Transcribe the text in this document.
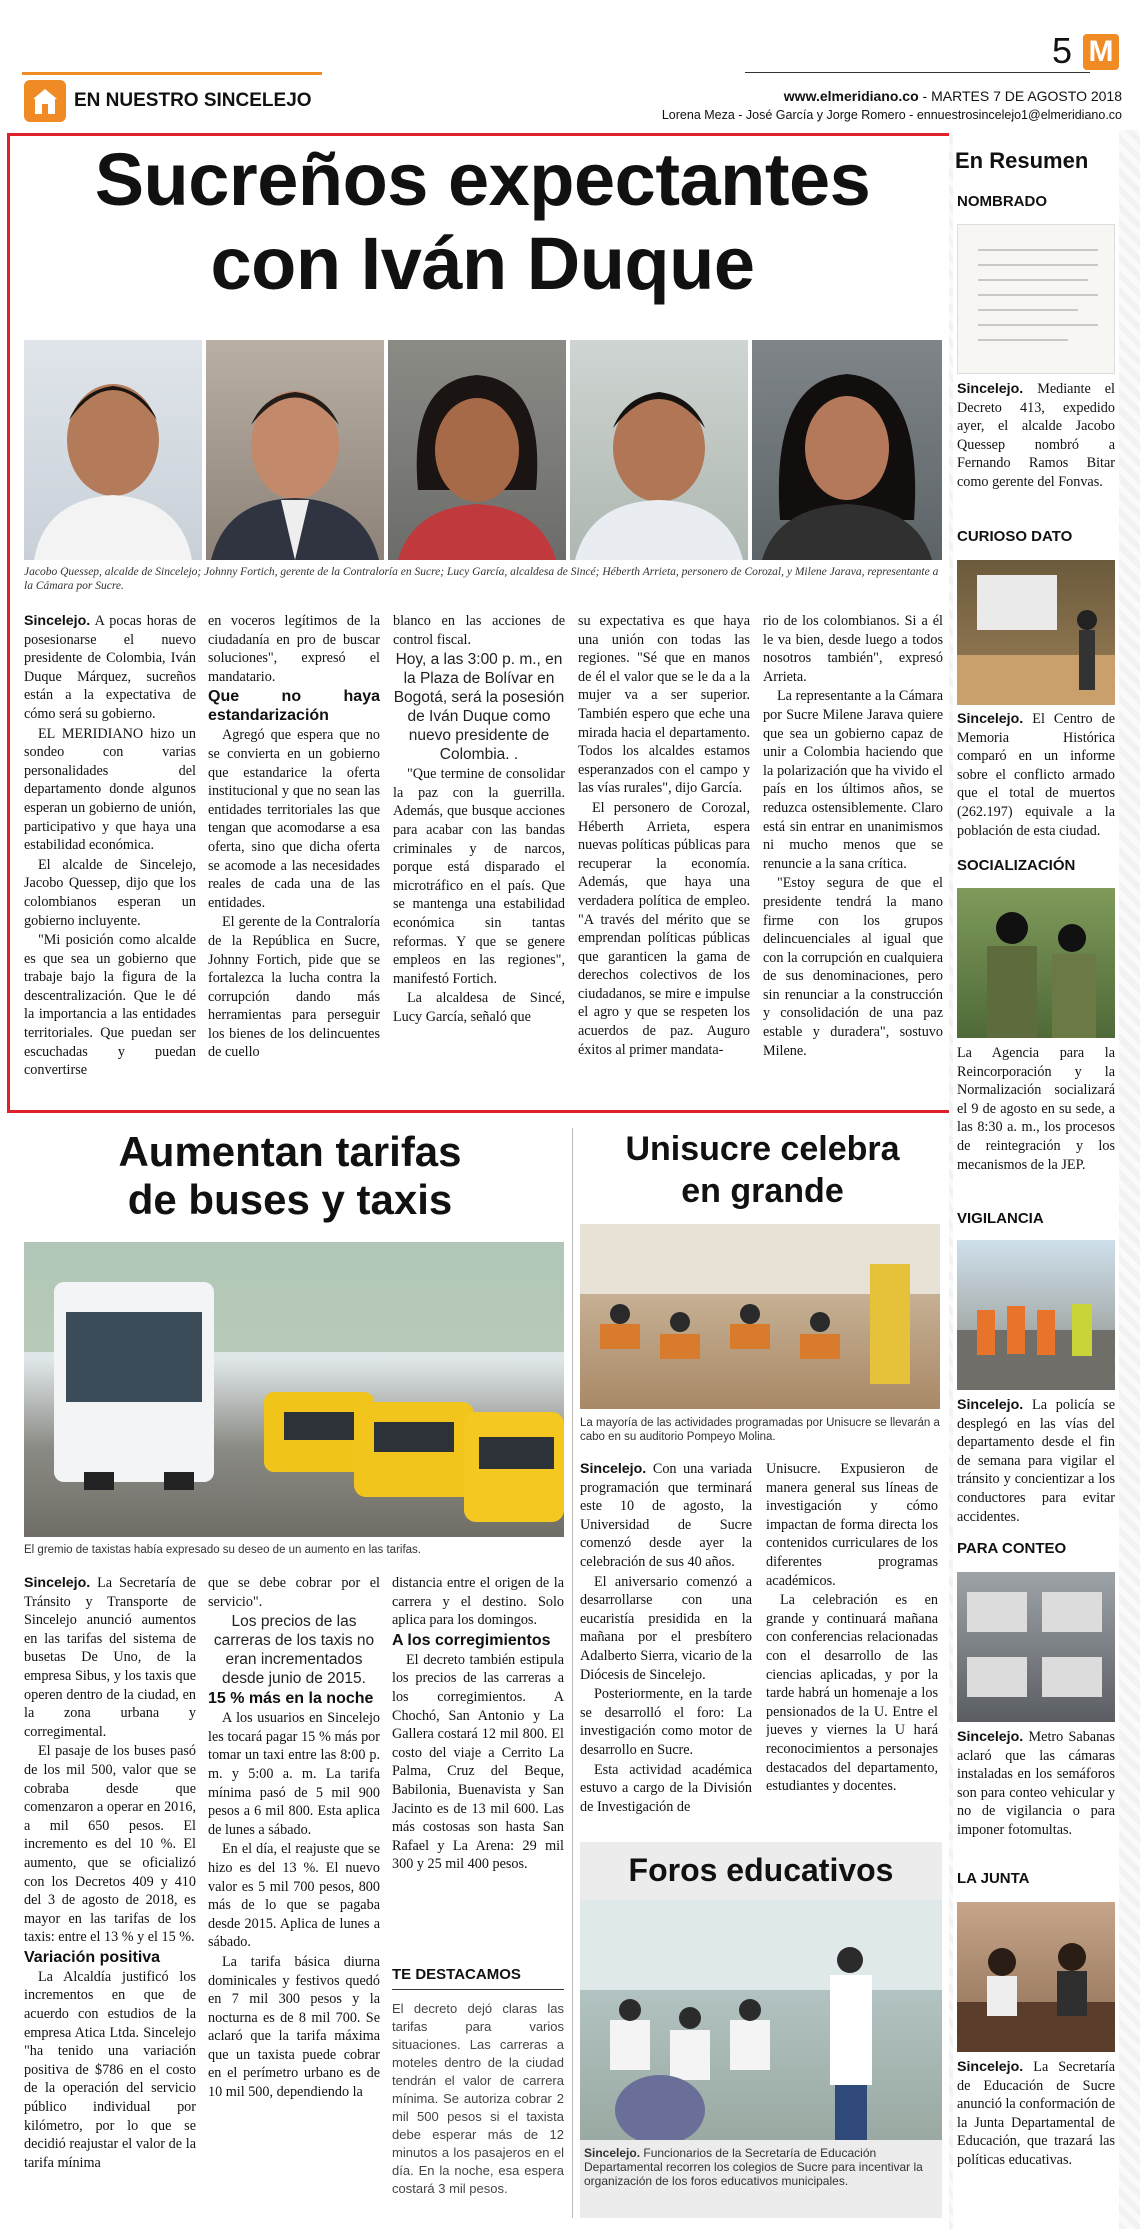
EN NUESTRO SINCELEJO
5 M
www.elmeridiano.co - MARTES 7 DE AGOSTO 2018
Lorena Meza - José García y Jorge Romero - ennuestrosincelejo1@elmeridiano.co
Sucreños expectantes
con Iván Duque
Jacobo Quessep, alcalde de Sincelejo; Johnny Fortich, gerente de la Contraloría en Sucre; Lucy García, alcaldesa de Sincé; Héberth Arrieta, personero de Corozal, y Milene Jarava, representante a la Cámara por Sucre.

Sincelejo. A pocas horas de posesionarse el nuevo presidente de Colombia, Iván Duque Márquez, sucreños están a la expectativa de cómo será su gobierno.

EL MERIDIANO hizo un sondeo con varias personalidades del departamento donde algunos esperan un gobierno de unión, participativo y que haya una estabilidad económica.

El alcalde de Sincelejo, Jacobo Quessep, dijo que los colombianos esperan un gobierno incluyente.

"Mi posición como alcalde es que sea un gobierno que trabaje bajo la figura de la descentralización. Que le dé la importancia a las entidades territoriales. Que puedan ser escuchadas y puedan convertirse

en voceros legítimos de la ciudadanía en pro de buscar soluciones", expresó el mandatario.

Que no haya estandarización

Agregó que espera que no se convierta en un gobierno que estandarice la oferta institucional y que no sean las entidades territoriales las que tengan que acomodarse a esa oferta, sino que dicha oferta se acomode a las necesidades reales de cada una de las entidades.

El gerente de la Contraloría de la República en Sucre, Johnny Fortich, pide que se fortalezca la lucha contra la corrupción dando más herramientas para perseguir los bienes de los delincuentes de cuello

blanco en las acciones de control fiscal.

Hoy, a las 3:00 p. m., en la Plaza de Bolívar en Bogotá, será la posesión de Iván Duque como nuevo presidente de Colombia. .

"Que termine de consolidar la paz con la guerrilla. Además, que busque acciones para acabar con las bandas criminales y de narcos, porque está disparado el microtráfico en el país. Que se mantenga una estabilidad económica sin tantas reformas. Y que se genere empleos en las regiones", manifestó Fortich.

La alcaldesa de Sincé, Lucy García, señaló que

su expectativa es que haya una unión con todas las regiones. "Sé que en manos de él el valor que se le da a la mujer va a ser superior. También espero que eche una mirada hacia el departamento. Todos los alcaldes estamos esperanzados con el campo y las vías rurales", dijo García.

El personero de Corozal, Héberth Arrieta, espera nuevas políticas públicas para recuperar la economía. Además, que haya una verdadera política de empleo. "A través del mérito que se emprendan políticas públicas que garanticen la gama de derechos colectivos de los ciudadanos, se mire e impulse el agro y que se respeten los acuerdos de paz. Auguro éxitos al primer mandata-

rio de los colombianos. Si a él le va bien, desde luego a todos nosotros también", expresó Arrieta.

La representante a la Cámara por Sucre Milene Jarava quiere que sea un gobierno capaz de unir a Colombia haciendo que la polarización que ha vivido el país en los últimos años, se reduzca ostensiblemente. Claro está sin entrar en unanimismos ni mucho menos que se renuncie a la sana crítica.

"Estoy segura de que el presidente tendrá la mano firme con los grupos delincuenciales al igual que con la corrupción en cualquiera de sus denominaciones, pero sin renunciar a la construcción y consolidación de una paz estable y duradera", sostuvo Milene.

Aumentan tarifas
de buses y taxis
El gremio de taxistas había expresado su deseo de un aumento en las tarifas.

Sincelejo. La Secretaría de Tránsito y Transporte de Sincelejo anunció aumentos en las tarifas del sistema de busetas De Uno, de la empresa Sibus, y los taxis que operen dentro de la ciudad, en la zona urbana y corregimental.

El pasaje de los buses pasó de los mil 500, valor que se cobraba desde que comenzaron a operar en 2016, a mil 650 pesos. El incremento es del 10 %. El aumento, que se oficializó con los Decretos 409 y 410 del 3 de agosto de 2018, es mayor en las tarifas de los taxis: entre el 13 % y el 15 %.

Variación positiva

La Alcaldía justificó los incrementos en que de acuerdo con estudios de la empresa Atica Ltda. Sincelejo "ha tenido una variación positiva de $786 en el costo de la operación del servicio público individual por kilómetro, por lo que se decidió reajustar el valor de la tarifa mínima

que se debe cobrar por el servicio".

Los precios de las carreras de los taxis no eran incrementados desde junio de 2015.

15 % más en la noche

A los usuarios en Sincelejo les tocará pagar 15 % más por tomar un taxi entre las 8:00 p. m. y 5:00 a. m. La tarifa mínima pasó de 5 mil 900 pesos a 6 mil 800. Esta aplica de lunes a sábado.

En el día, el reajuste que se hizo es del 13 %. El nuevo valor es 5 mil 700 pesos, 800 más de lo que se pagaba desde 2015. Aplica de lunes a sábado.

La tarifa básica diurna dominicales y festivos quedó en 7 mil 300 pesos y la nocturna es de 8 mil 700. Se aclaró que la tarifa máxima que un taxista puede cobrar en el perímetro urbano es de 10 mil 500, dependiendo la

distancia entre el origen de la carrera y el destino. Solo aplica para los domingos.

A los corregimientos

El decreto también estipula los precios de las carreras a los corregimientos. A Chochó, San Antonio y La Gallera costará 12 mil 800. El costo del viaje a Cerrito La Palma, Cruz del Beque, Babilonia, Buenavista y San Jacinto es de 13 mil 600. Las más costosas son hasta San Rafael y La Arena: 29 mil 300 y 25 mil 400 pesos.

TE DESTACAMOS
El decreto dejó claras las tarifas para varios situaciones. Las carreras a moteles dentro de la ciudad tendrán el valor de carrera mínima. Se autoriza cobrar 2 mil 500 pesos si el taxista debe esperar más de 12 minutos a los pasajeros en el día. En la noche, esa espera costará 3 mil pesos.
Unisucre celebra
en grande
La mayoría de las actividades programadas por Unisucre se llevarán a cabo en su auditorio Pompeyo Molina.

Sincelejo. Con una variada programación que terminará este 10 de agosto, la Universidad de Sucre comenzó desde ayer la celebración de sus 40 años.

El aniversario comenzó a desarrollarse con una eucaristía presidida en la mañana por el presbítero Adalberto Sierra, vicario de la Diócesis de Sincelejo.

Posteriormente, en la tarde se desarrolló el foro: La investigación como motor de desarrollo en Sucre.

Esta actividad académica estuvo a cargo de la División de Investigación de

Unisucre. Expusieron de manera general sus líneas de investigación y cómo impactan de forma directa los contenidos curriculares de los diferentes programas académicos.

La celebración es en grande y continuará mañana con conferencias relacionadas con el desarrollo de las ciencias aplicadas, y por la tarde habrá un homenaje a los pensionados de la U. Entre el jueves y viernes la U hará reconocimientos a personajes destacados del departamento, estudiantes y docentes.

Foros educativos
Sincelejo. Funcionarios de la Secretaría de Educación Departamental recorren los colegios de Sucre para incentivar la organización de los foros educativos municipales.
En Resumen
NOMBRADO
Sincelejo. Mediante el Decreto 413, expedido ayer, el alcalde Jacobo Quessep nombró a Fernando Ramos Bitar como gerente del Fonvas.
CURIOSO DATO
Sincelejo. El Centro de Memoria Histórica comparó en un informe sobre el conflicto armado que el total de muertos (262.197) equivale a la población de esta ciudad.
SOCIALIZACIÓN
La Agencia para la Reincorporación y la Normalización socializará el 9 de agosto en su sede, a las 8:30 a. m., los procesos de reintegración y los mecanismos de la JEP.
VIGILANCIA
Sincelejo. La policía se desplegó en las vías del departamento desde el fin de semana para vigilar el tránsito y concientizar a los conductores para evitar accidentes.
PARA CONTEO
Sincelejo. Metro Sabanas aclaró que las cámaras instaladas en los semáforos son para conteo vehicular y no de vigilancia o para imponer fotomultas.
LA JUNTA
Sincelejo. La Secretaría de Educación de Sucre anunció la conformación de la Junta Departamental de Educación, que trazará las políticas educativas.
